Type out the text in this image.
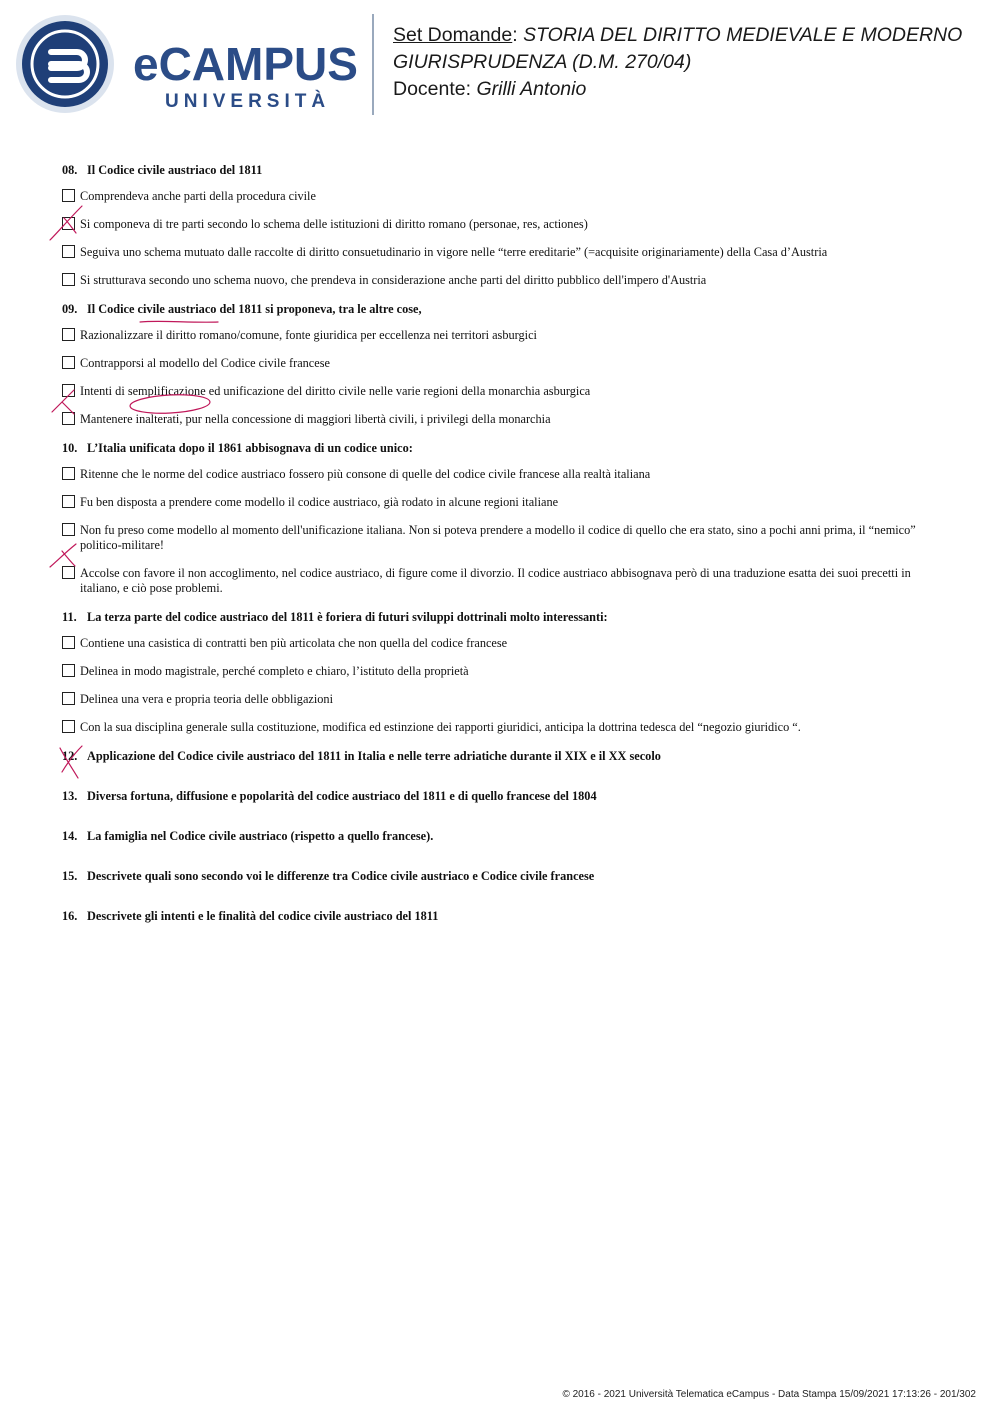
eCAMPUS
UNIVERSITÀ
Set Domande: STORIA DEL DIRITTO MEDIEVALE E MODERNO
GIURISPRUDENZA (D.M. 270/04)
Docente: Grilli Antonio
08. Il Codice civile austriaco del 1811
Comprendeva anche parti della procedura civile
Si componeva di tre parti secondo lo schema delle istituzioni di diritto romano (personae, res, actiones)
Seguiva uno schema mutuato dalle raccolte di diritto consuetudinario in vigore nelle “terre ereditarie” (=acquisite originariamente) della Casa d’Austria
Si strutturava secondo uno schema nuovo, che prendeva in considerazione anche parti del diritto pubblico dell'impero d'Austria
09. Il Codice civile austriaco del 1811 si proponeva, tra le altre cose,
Razionalizzare il diritto romano/comune, fonte giuridica per eccellenza nei territori asburgici
Contrapporsi al modello del Codice civile francese
Intenti di semplificazione ed unificazione del diritto civile nelle varie regioni della monarchia asburgica
Mantenere inalterati, pur nella concessione di maggiori libertà civili, i privilegi della monarchia
10. L’Italia unificata dopo il 1861 abbisognava di un codice unico:
Ritenne che le norme del codice austriaco fossero più consone di quelle del codice civile francese alla realtà italiana
Fu ben disposta a prendere come modello il codice austriaco, già rodato in alcune regioni italiane
Non fu preso come modello al momento dell'unificazione italiana. Non si poteva prendere a modello il codice di quello che era stato, sino a pochi anni prima, il “nemico” politico-militare!
Accolse con favore il non accoglimento, nel codice austriaco, di figure come il divorzio. Il codice austriaco abbisognava però di una traduzione esatta dei suoi precetti in italiano, e ciò pose problemi.
11. La terza parte del codice austriaco del 1811 è foriera di futuri sviluppi dottrinali molto interessanti:
Contiene una casistica di contratti ben più articolata che non quella del codice francese
Delinea in modo magistrale, perché completo e chiaro, l’istituto della proprietà
Delinea una vera e propria teoria delle obbligazioni
Con la sua disciplina generale sulla costituzione, modifica ed estinzione dei rapporti giuridici, anticipa la dottrina tedesca del “negozio giuridico “.
12. Applicazione del Codice civile austriaco del 1811 in Italia e nelle terre adriatiche durante il XIX e il XX secolo
13. Diversa fortuna, diffusione e popolarità del codice austriaco del 1811 e di quello francese del 1804
14. La famiglia nel Codice civile austriaco (rispetto a quello francese).
15. Descrivete quali sono secondo voi le differenze tra Codice civile austriaco e Codice civile francese
16. Descrivete gli intenti e le finalità del codice civile austriaco del 1811
© 2016 - 2021 Università Telematica eCampus - Data Stampa 15/09/2021 17:13:26 - 201/302
